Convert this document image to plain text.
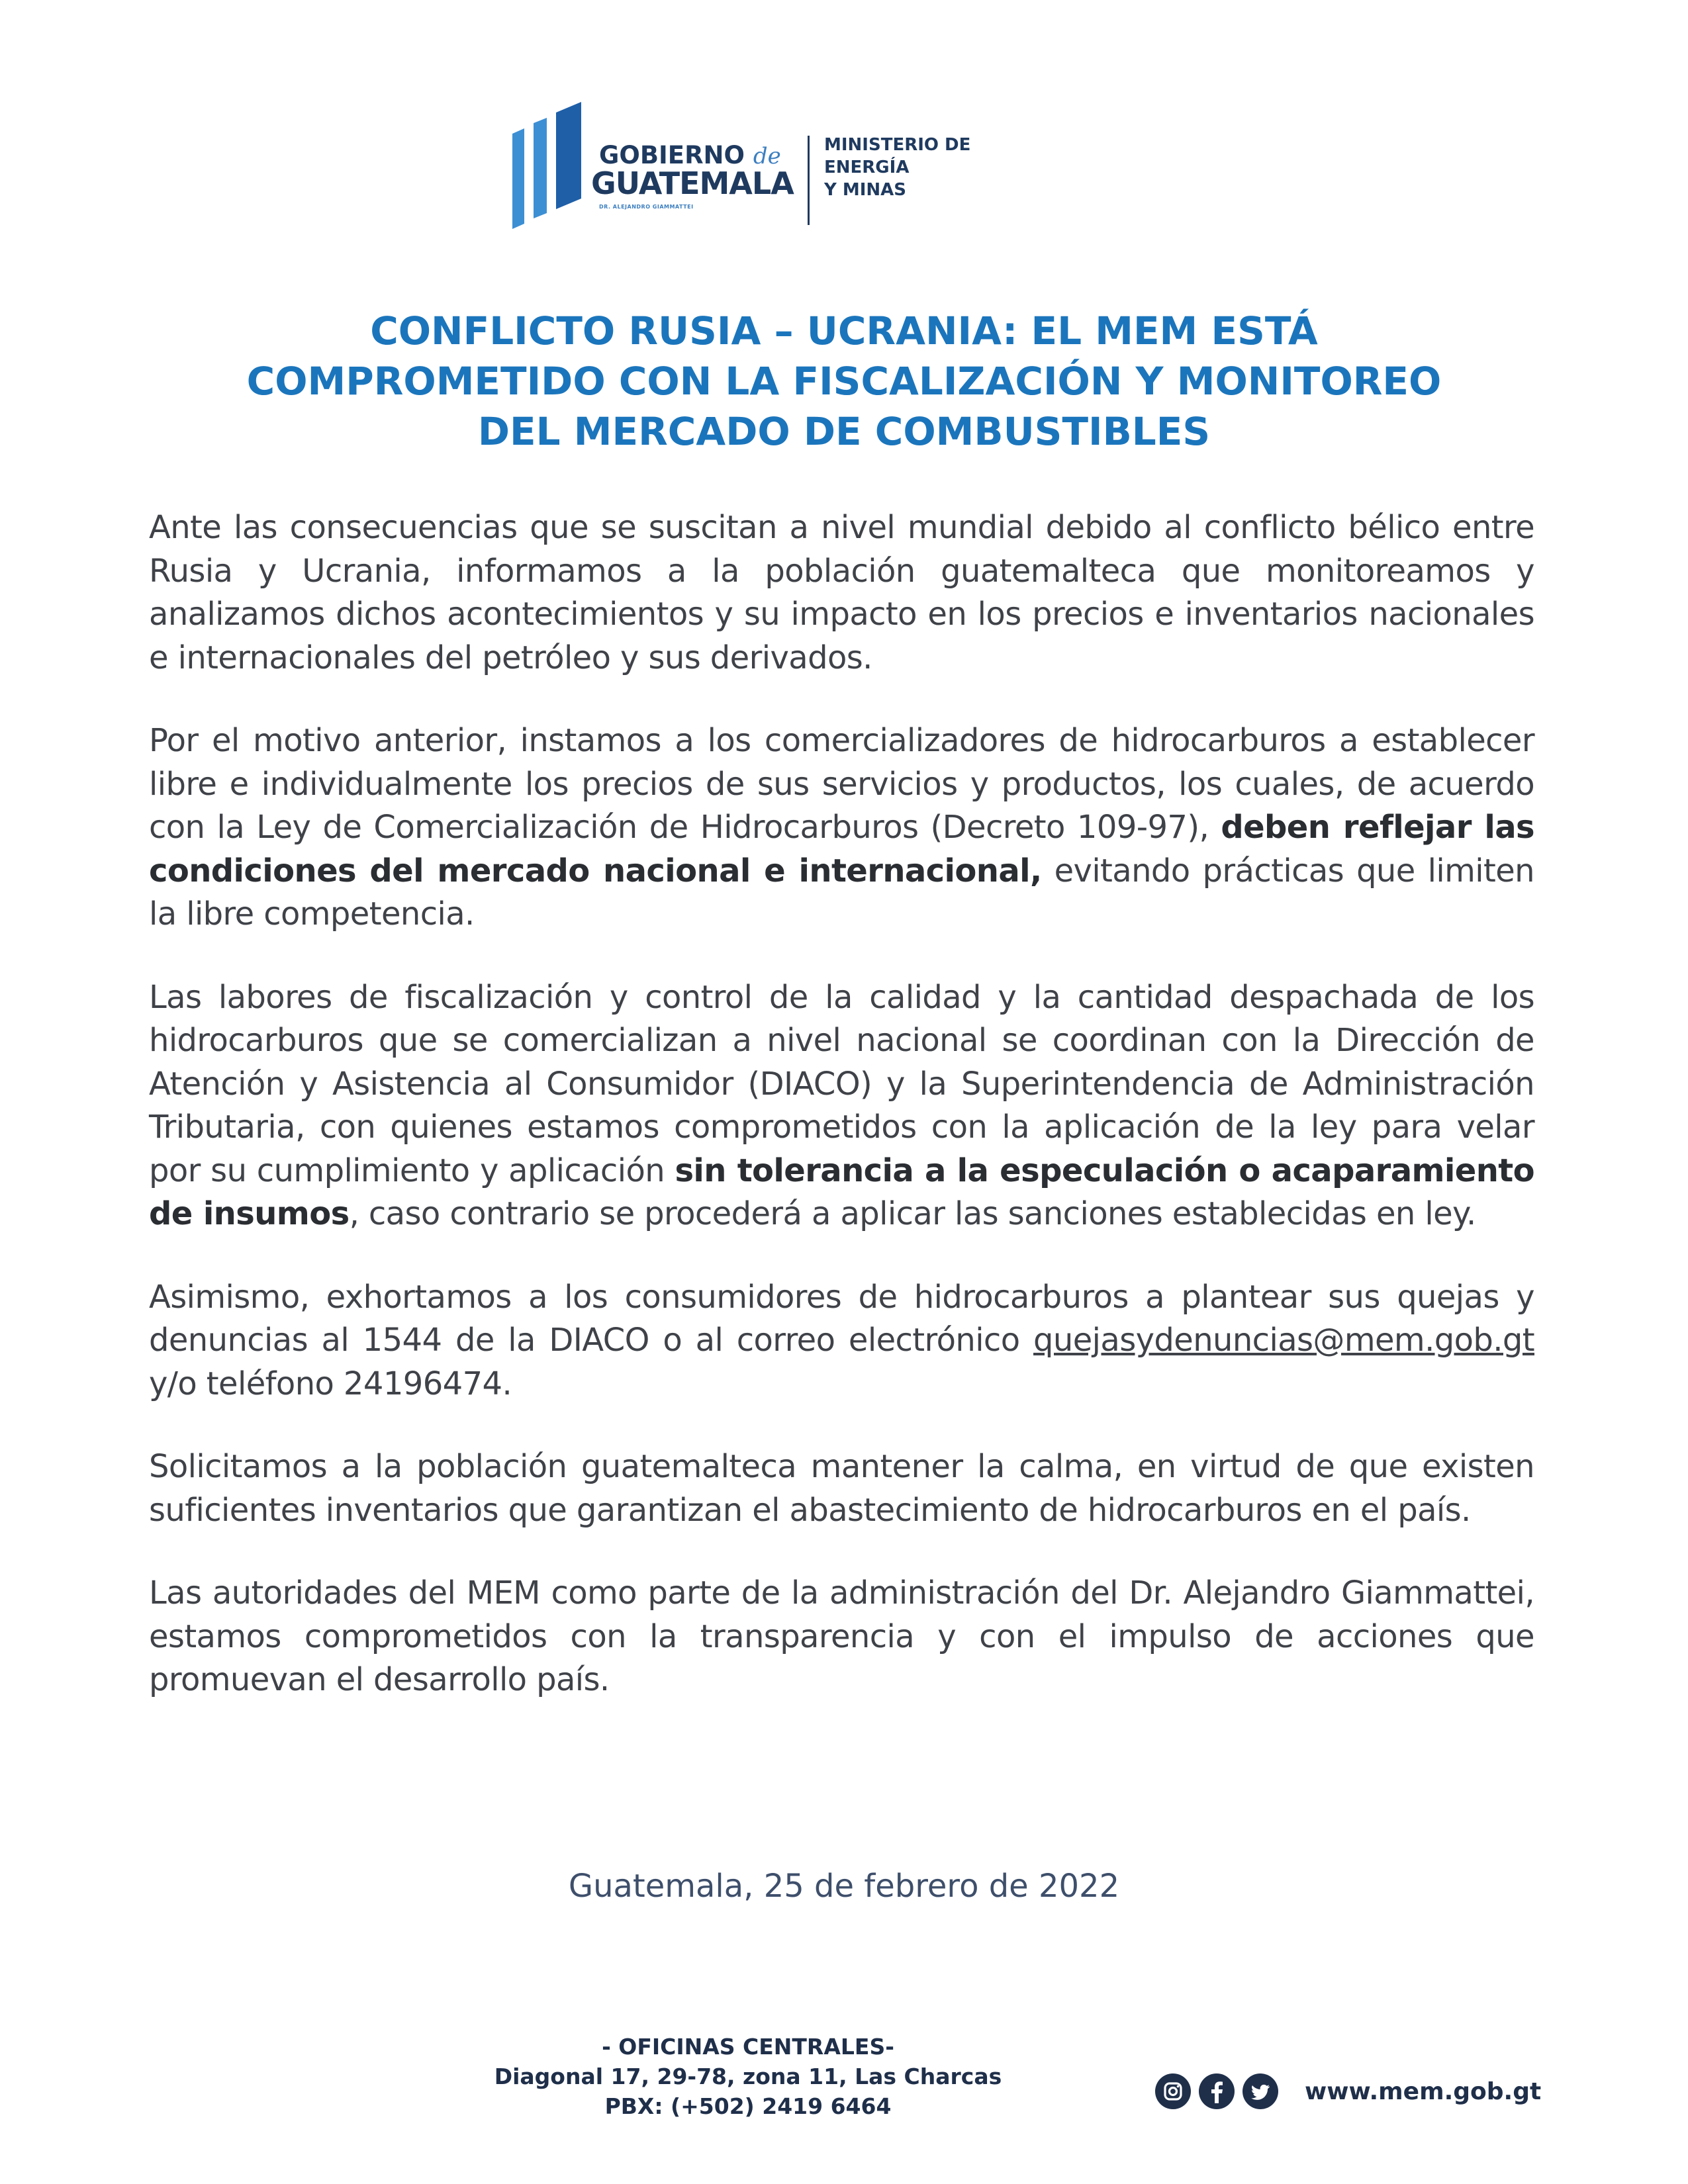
GOBIERNO de
GUATEMALA
DR. ALEJANDRO GIAMMATTEI
MINISTERIO DE
ENERGÍA
Y MINAS
CONFLICTO RUSIA – UCRANIA: EL MEM ESTÁ
COMPROMETIDO CON LA FISCALIZACIÓN Y MONITOREO
DEL MERCADO DE COMBUSTIBLES

Ante las consecuencias que se suscitan a nivel mundial debido al conflicto bélico entre Rusia y Ucrania, informamos a la población guatemalteca que monitoreamos y analizamos dichos acontecimientos y su impacto en los precios e inventarios nacionales e internacionales del petróleo y sus derivados.

Por el motivo anterior, instamos a los comercializadores de hidrocarburos a establecer libre e individualmente los precios de sus servicios y productos, los cuales, de acuerdo con la Ley de Comercialización de Hidrocarburos (Decreto 109-97), deben reflejar las condiciones del mercado nacional e internacional, evitando prácticas que limiten la libre competencia.

Las labores de fiscalización y control de la calidad y la cantidad despachada de los hidrocarburos que se comercializan a nivel nacional se coordinan con la Dirección de Atención y Asistencia al Consumidor (DIACO) y la Superintendencia de Administración Tributaria, con quienes estamos comprometidos con la aplicación de la ley para velar por su cumplimiento y aplicación sin tolerancia a la especulación o acaparamiento de insumos, caso contrario se procederá a aplicar las sanciones establecidas en ley.

Asimismo, exhortamos a los consumidores de hidrocarburos a plantear sus quejas y denuncias al 1544 de la DIACO o al correo electrónico quejasydenuncias@mem.gob.gt y/o teléfono 24196474.

Solicitamos a la población guatemalteca mantener la calma, en virtud de que existen suficientes inventarios que garantizan el abastecimiento de hidrocarburos en el país.

Las autoridades del MEM como parte de la administración del Dr. Alejandro Giammattei, estamos comprometidos con la transparencia y con el impulso de acciones que promuevan el desarrollo país.

Guatemala, 25 de febrero de 2022
- OFICINAS CENTRALES-
Diagonal 17, 29-78, zona 11, Las Charcas
PBX: (+502) 2419 6464
www.mem.gob.gt
